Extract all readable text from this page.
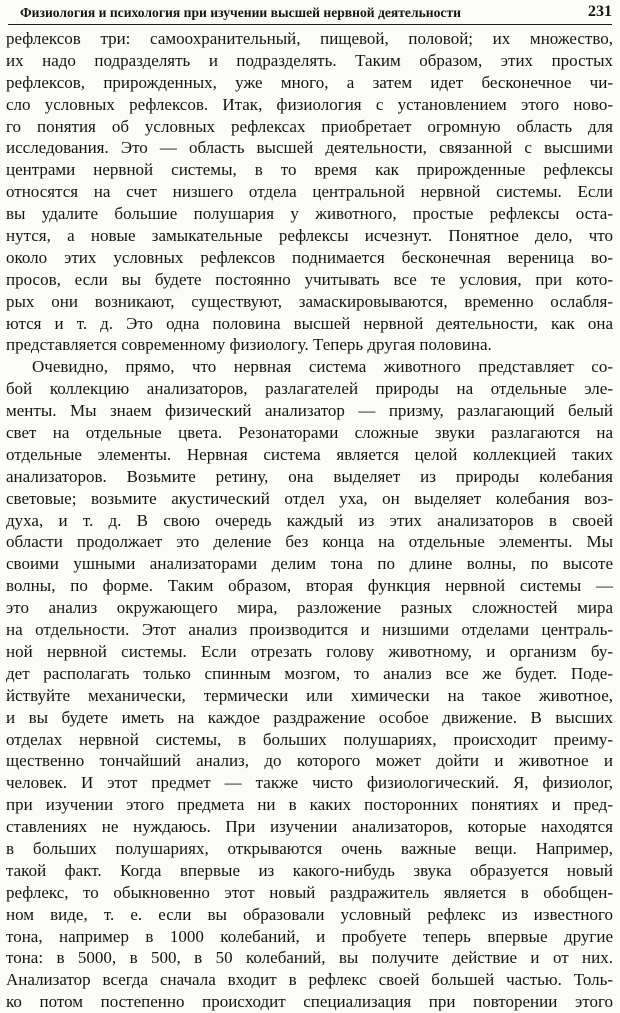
Физиология и психология при изучении высшей нервной деятельности	231
рефлексов три: самоохранительный, пищевой, половой; их множество,
их надо подразделять и подразделять. Таким образом, этих простых
рефлексов, прирожденных, уже много, а затем идет бесконечное чи-
сло условных рефлексов. Итак, физиология с установлением этого ново-
го понятия об условных рефлексах приобретает огромную область для
исследования. Это — область высшей деятельности, связанной с высшими
центрами нервной системы, в то время как прирожденные рефлексы
относятся на счет низшего отдела центральной нервной системы. Если
вы удалите большие полушария у животного, простые рефлексы оста-
нутся, а новые замыкательные рефлексы исчезнут. Понятное дело, что
около этих условных рефлексов поднимается бесконечная вереница во-
просов, если вы будете постоянно учитывать все те условия, при кото-
рых они возникают, существуют, замаскировываются, временно ослабля-
ются и т. д. Это одна половина высшей нервной деятельности, как она
представляется современному физиологу. Теперь другая половина.
Очевидно, прямо, что нервная система животного представляет со-
бой коллекцию анализаторов, разлагателей природы на отдельные эле-
менты. Мы знаем физический анализатор — призму, разлагающий белый
свет на отдельные цвета. Резонаторами сложные звуки разлагаются на
отдельные элементы. Нервная система является целой коллекцией таких
анализаторов. Возьмите ретину, она выделяет из природы колебания
световые; возьмите акустический отдел уха, он выделяет колебания воз-
духа, и т. д. В свою очередь каждый из этих анализаторов в своей
области продолжает это деление без конца на отдельные элементы. Мы
своими ушными анализаторами делим тона по длине волны, по высоте
волны, по форме. Таким образом, вторая функция нервной системы —
это анализ окружающего мира, разложение разных сложностей мира
на отдельности. Этот анализ производится и низшими отделами централь-
ной нервной системы. Если отрезать голову животному, и организм бу-
дет располагать только спинным мозгом, то анализ все же будет. Поде-
йствуйте механически, термически или химически на такое животное,
и вы будете иметь на каждое раздражение особое движение. В высших
отделах нервной системы, в больших полушариях, происходит преиму-
щественно тончайший анализ, до которого может дойти и животное и
человек. И этот предмет — также чисто физиологический. Я, физиолог,
при изучении этого предмета ни в каких посторонних понятиях и пред-
ставлениях не нуждаюсь. При изучении анализаторов, которые находятся
в больших полушариях, открываются очень важные вещи. Например,
такой факт. Когда впервые из какого-нибудь звука образуется новый
рефлекс, то обыкновенно этот новый раздражитель является в обобщен-
ном виде, т. е. если вы образовали условный рефлекс из известного
тона, например в 1000 колебаний, и пробуете теперь впервые другие
тона: в 5000, в 500, в 50 колебаний, вы получите действие и от них.
Анализатор всегда сначала входит в рефлекс своей большей частью. Толь-
ко потом постепенно происходит специализация при повторении этого
